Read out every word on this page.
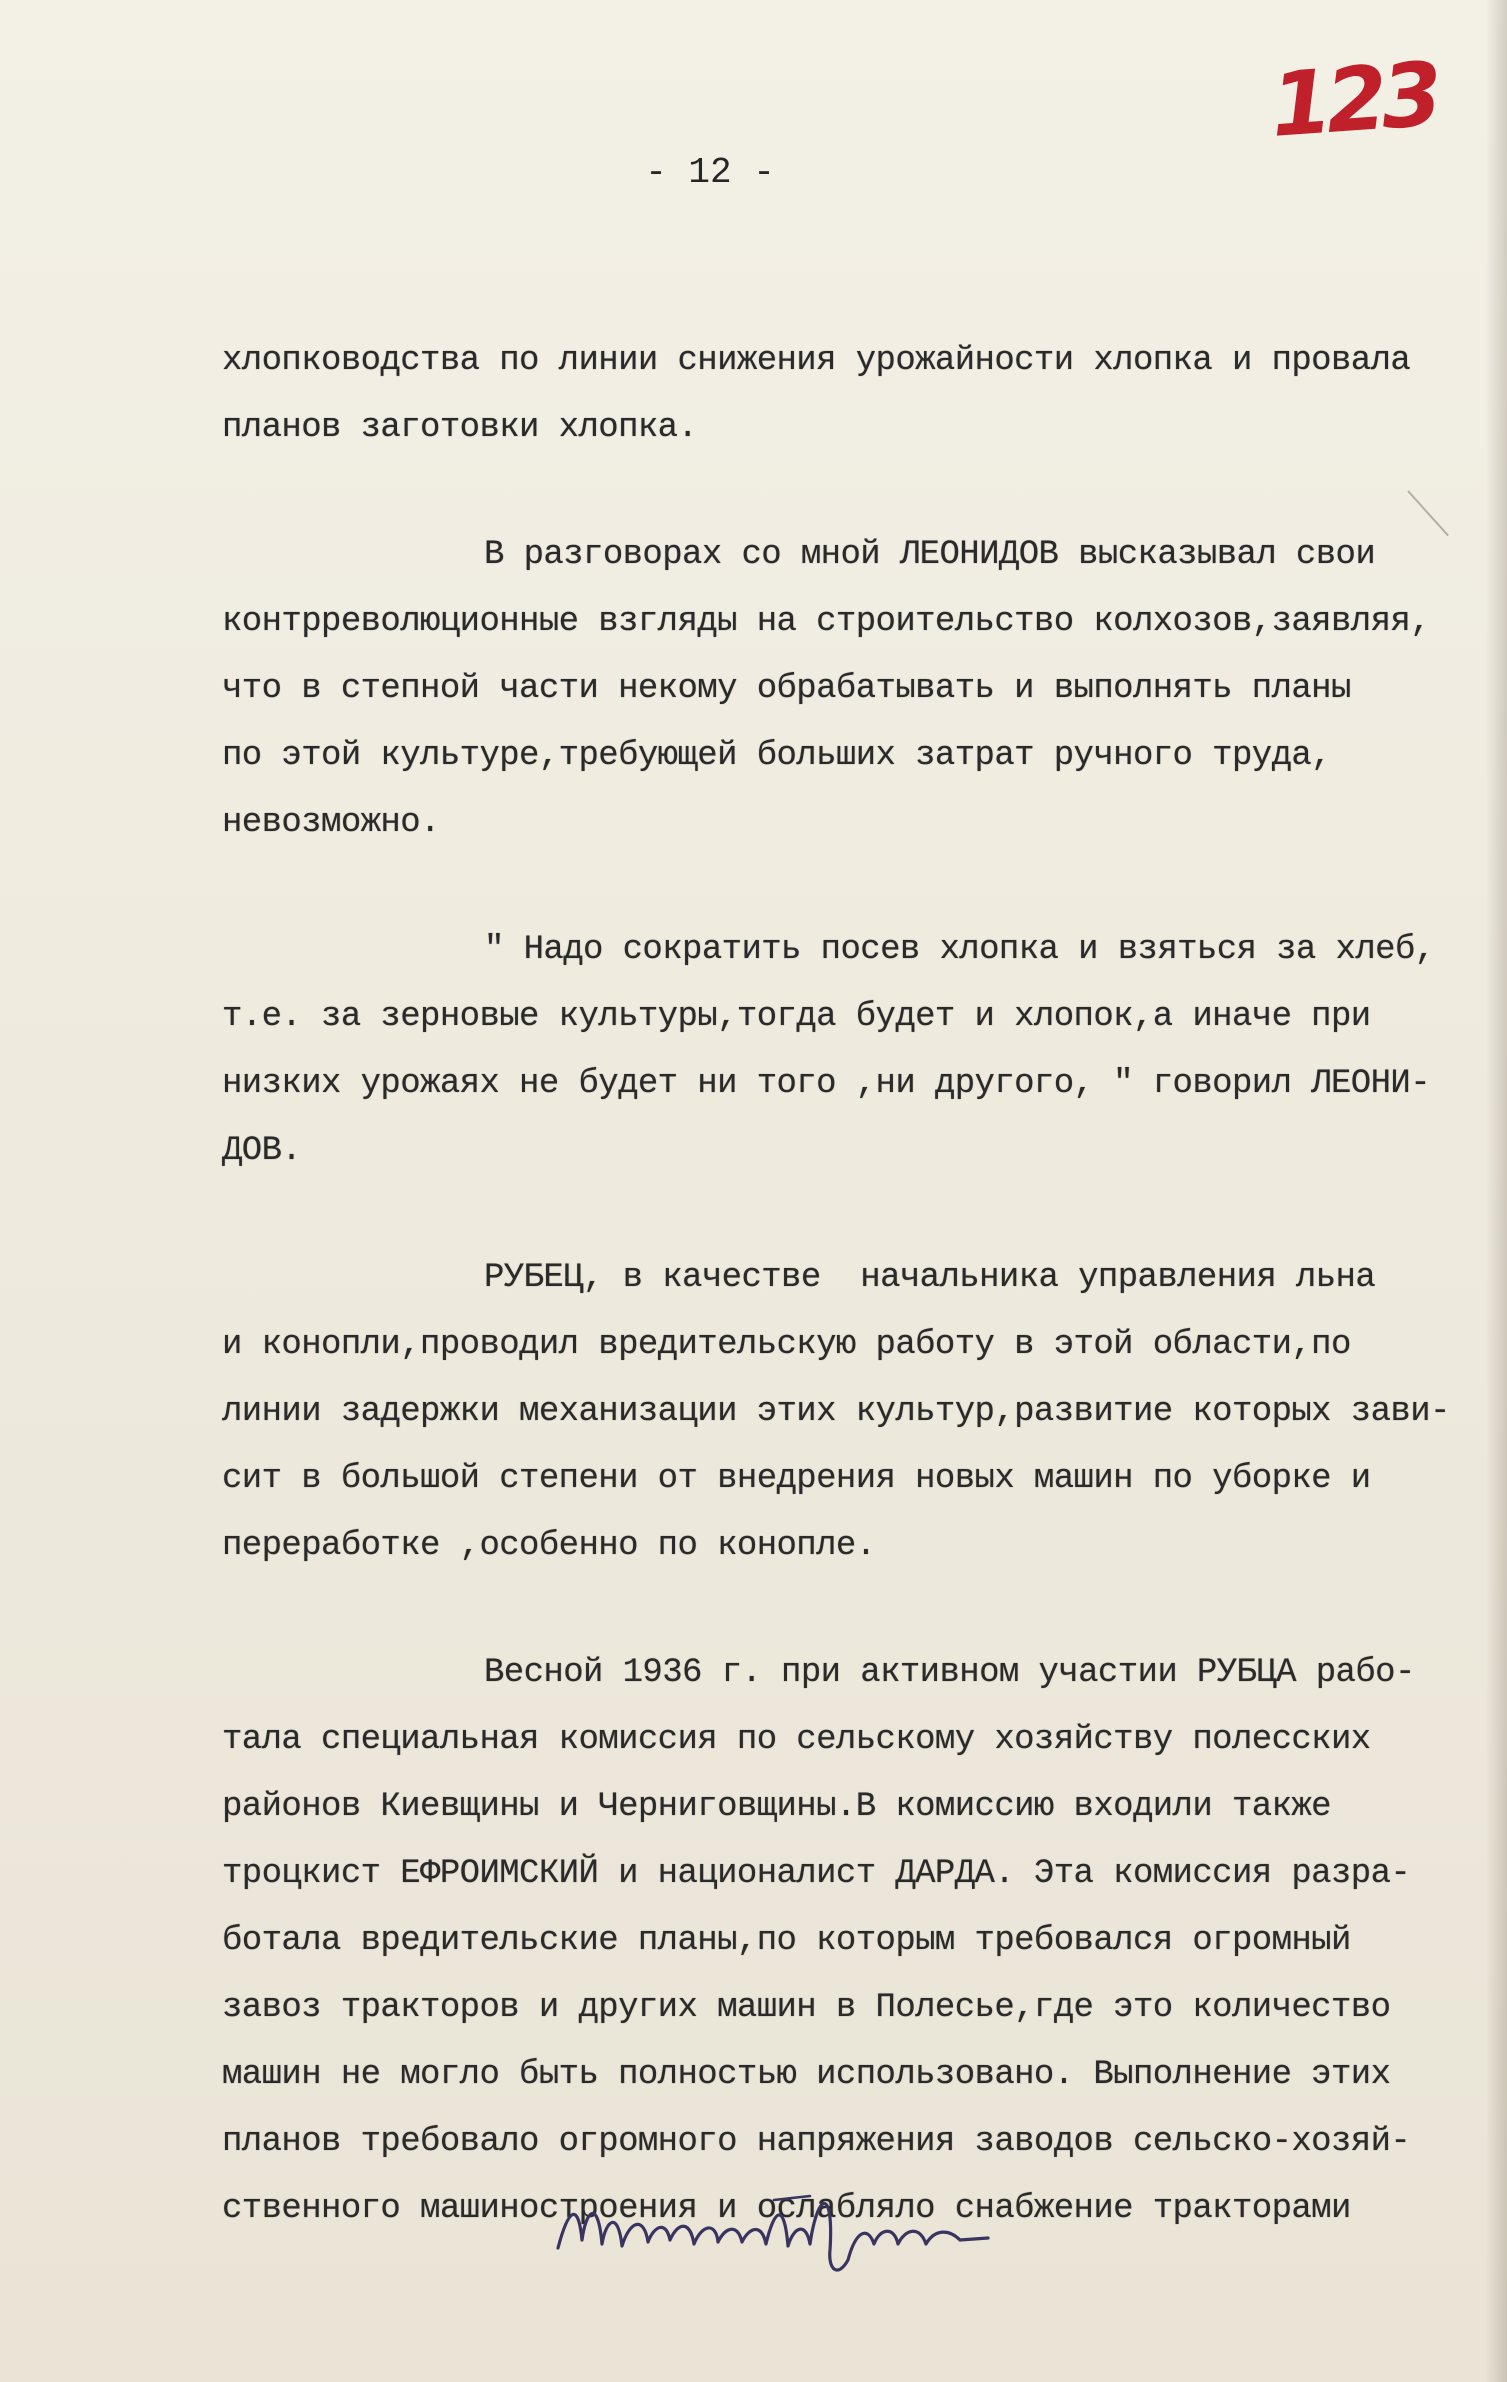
123
- 12 -
хлопководства по линии снижения урожайности хлопка и провала
планов заготовки хлопка.
В разговорах со мной ЛЕОНИДОВ высказывал свои
контрреволюционные взгляды на строительство колхозов,заявляя,
что в степной части некому обрабатывать и выполнять планы
по этой культуре,требующей больших затрат ручного труда,
невозможно.
" Надо сократить посев хлопка и взяться за хлеб,
т.е. за зерновые культуры,тогда будет и хлопок,а иначе при
низких урожаях не будет ни того ,ни другого, " говорил ЛЕОНИ-
ДОВ.
РУБЕЦ, в качестве  начальника управления льна
и конопли,проводил вредительскую работу в этой области,по
линии задержки механизации этих культур,развитие которых зави-
сит в большой степени от внедрения новых машин по уборке и
переработке ,особенно по конопле.
Весной 1936 г. при активном участии РУБЦА рабо-
тала специальная комиссия по сельскому хозяйству полесских
районов Киевщины и Черниговщины.В комиссию входили также
троцкист ЕФРОИМСКИЙ и националист ДАРДА. Эта комиссия разра-
ботала вредительские планы,по которым требовался огромный
завоз тракторов и других машин в Полесье,где это количество
машин не могло быть полностью использовано. Выполнение этих
планов требовало огромного напряжения заводов сельско-хозяй-
ственного машиностроения и ослабляло снабжение тракторами
